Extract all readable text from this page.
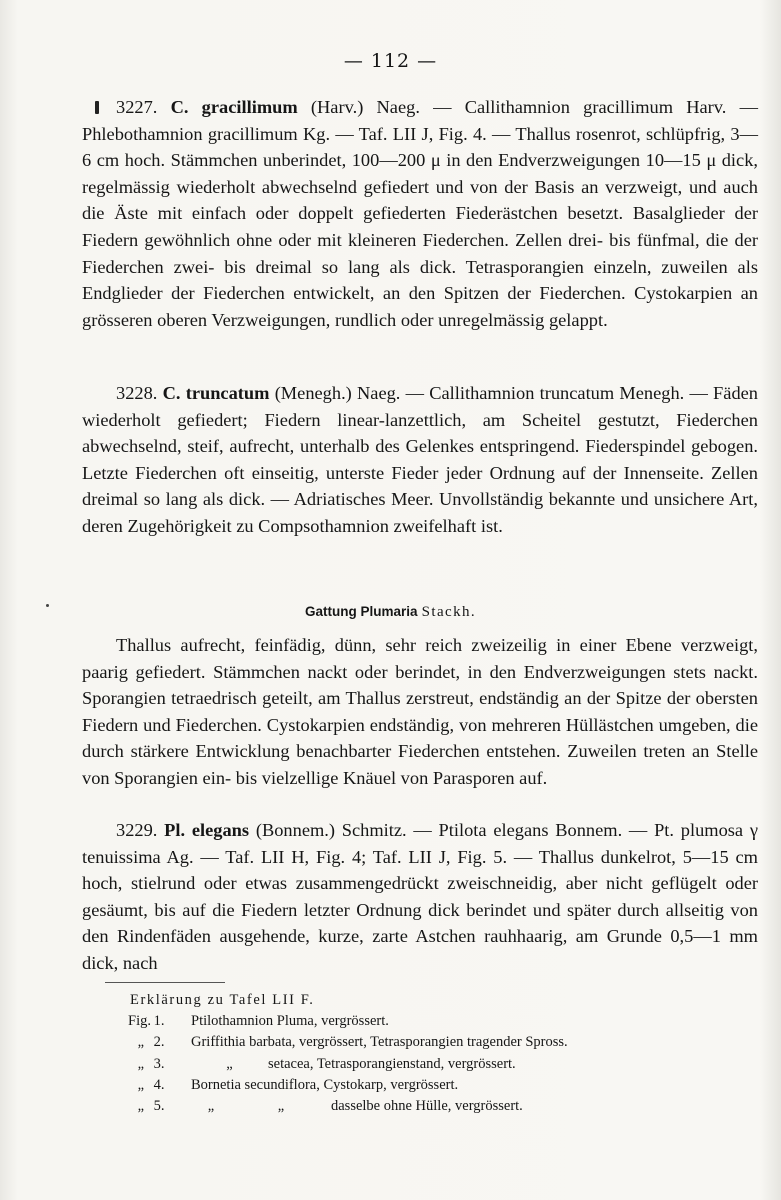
— 112 —

3227. C. gracillimum (Harv.) Naeg. — Callithamnion gracillimum Harv. — Phlebothamnion gracillimum Kg. — Taf. LII J, Fig. 4. — Thallus rosenrot, schlüpfrig, 3—6 cm hoch. Stämmchen unberindet, 100—200 μ in den Endverzweigungen 10—15 μ dick, regelmässig wiederholt abwechselnd gefiedert und von der Basis an verzweigt, und auch die Äste mit einfach oder doppelt gefiederten Fiederästchen besetzt. Basalglieder der Fiedern gewöhnlich ohne oder mit kleineren Fiederchen. Zellen drei- bis fünfmal, die der Fiederchen zwei- bis dreimal so lang als dick. Tetrasporangien einzeln, zuweilen als Endglieder der Fiederchen entwickelt, an den Spitzen der Fiederchen. Cystokarpien an grösseren oberen Verzweigungen, rundlich oder unregelmässig gelappt.

3228. C. truncatum (Menegh.) Naeg. — Callithamnion truncatum Menegh. — Fäden wiederholt gefiedert; Fiedern linear-lanzettlich, am Scheitel gestutzt, Fiederchen abwechselnd, steif, aufrecht, unterhalb des Gelenkes entspringend. Fiederspindel gebogen. Letzte Fiederchen oft einseitig, unterste Fieder jeder Ordnung auf der Innenseite. Zellen dreimal so lang als dick. — Adriatisches Meer. Unvollständig bekannte und unsichere Art, deren Zugehörigkeit zu Compsothamnion zweifelhaft ist.

Gattung Plumaria Stackh.

Thallus aufrecht, feinfädig, dünn, sehr reich zweizeilig in einer Ebene verzweigt, paarig gefiedert. Stämmchen nackt oder berindet, in den Endverzweigungen stets nackt. Sporangien tetraedrisch geteilt, am Thallus zerstreut, endständig an der Spitze der obersten Fiedern und Fiederchen. Cystokarpien endständig, von mehreren Hüllästchen umgeben, die durch stärkere Entwicklung benachbarter Fiederchen entstehen. Zuweilen treten an Stelle von Sporangien ein- bis vielzellige Knäuel von Parasporen auf.

3229. Pl. elegans (Bonnem.) Schmitz. — Ptilota elegans Bonnem. — Pt. plumosa γ tenuissima Ag. — Taf. LII H, Fig. 4; Taf. LII J, Fig. 5. — Thallus dunkelrot, 5—15 cm hoch, stielrund oder etwas zusammengedrückt zweischneidig, aber nicht geflügelt oder gesäumt, bis auf die Fiedern letzter Ordnung dick berindet und später durch allseitig von den Rindenfäden ausgehende, kurze, zarte Astchen rauhhaarig, am Grunde 0,5—1 mm dick, nach

Erklärung zu Tafel LII F.
Fig. 1.	Ptilothamnion Pluma, vergrössert.
„ 2.	Griffithia barbata, vergrössert, Tetrasporangien tragender Spross.
„ 3.	„	setacea, Tetrasporangienstand, vergrössert.
„ 4.	Bornetia secundiflora, Cystokarp, vergrössert.
„ 5.	„	„	dasselbe ohne Hülle, vergrössert.
